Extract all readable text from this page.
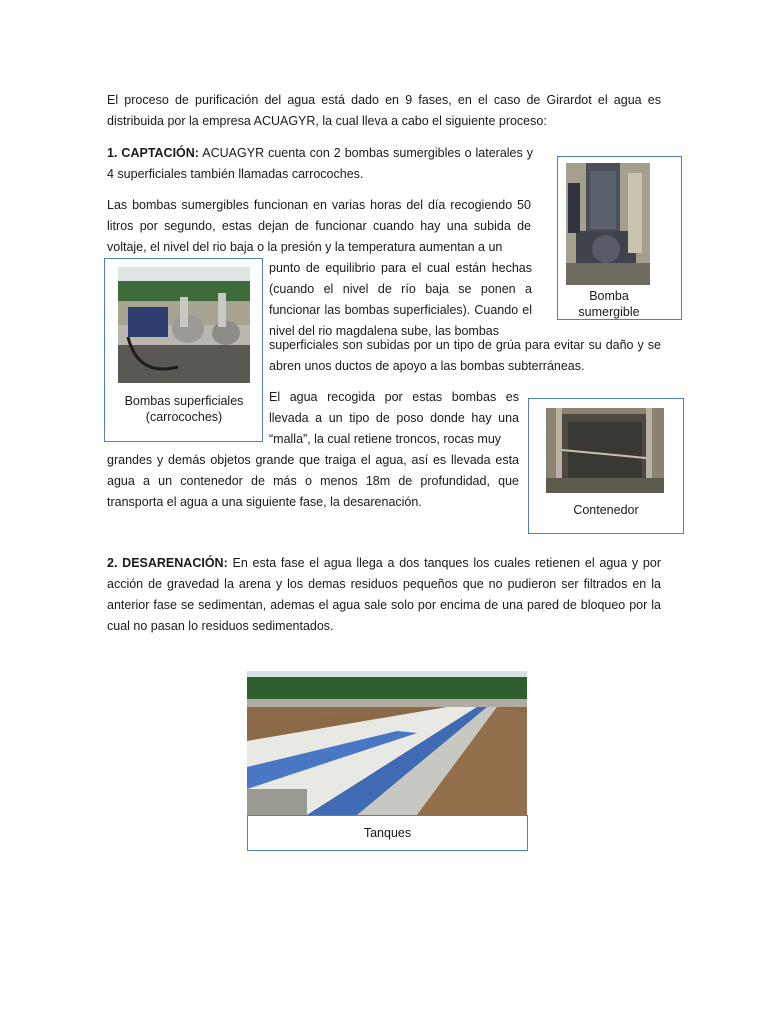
El proceso de purificación del agua está dado en 9 fases, en el caso de Girardot el agua es distribuida por la empresa ACUAGYR, la cual lleva a cabo el siguiente proceso:

1. CAPTACIÓN: ACUAGYR cuenta con 2 bombas sumergibles o laterales y 4 superficiales también llamadas carrocoches.

Las bombas sumergibles funcionan en varias horas del día recogiendo 50 litros por segundo, estas dejan de funcionar cuando hay una subida de voltaje, el nivel del rio baja o la presión y la temperatura aumentan a un

punto de equilibrio para el cual están hechas (cuando el nivel de río baja se ponen a funcionar las bombas superficiales). Cuando el nivel del rio magdalena sube, las bombas

superficiales son subidas por un tipo de grúa para evitar su daño y se abren unos ductos de apoyo a las bombas subterráneas.

El agua recogida por estas bombas es llevada a un tipo de poso donde hay una “malla”, la cual retiene troncos, rocas muy

grandes y demás objetos grande que traiga el agua, así es llevada esta agua a un contenedor de más o menos 18m de profundidad, que transporta el agua a una siguiente fase, la desarenación.

2. DESARENACIÓN: En esta fase el agua llega a dos tanques los cuales retienen el agua y por acción de gravedad la arena y los demas residuos pequeños que no pudieron ser filtrados en la anterior fase se sedimentan, ademas el agua sale solo por encima de una pared de bloqueo por la cual no pasan lo residuos sedimentados.

Bomba sumergible
Bombas superficiales (carrocoches)
Contenedor
Tanques
